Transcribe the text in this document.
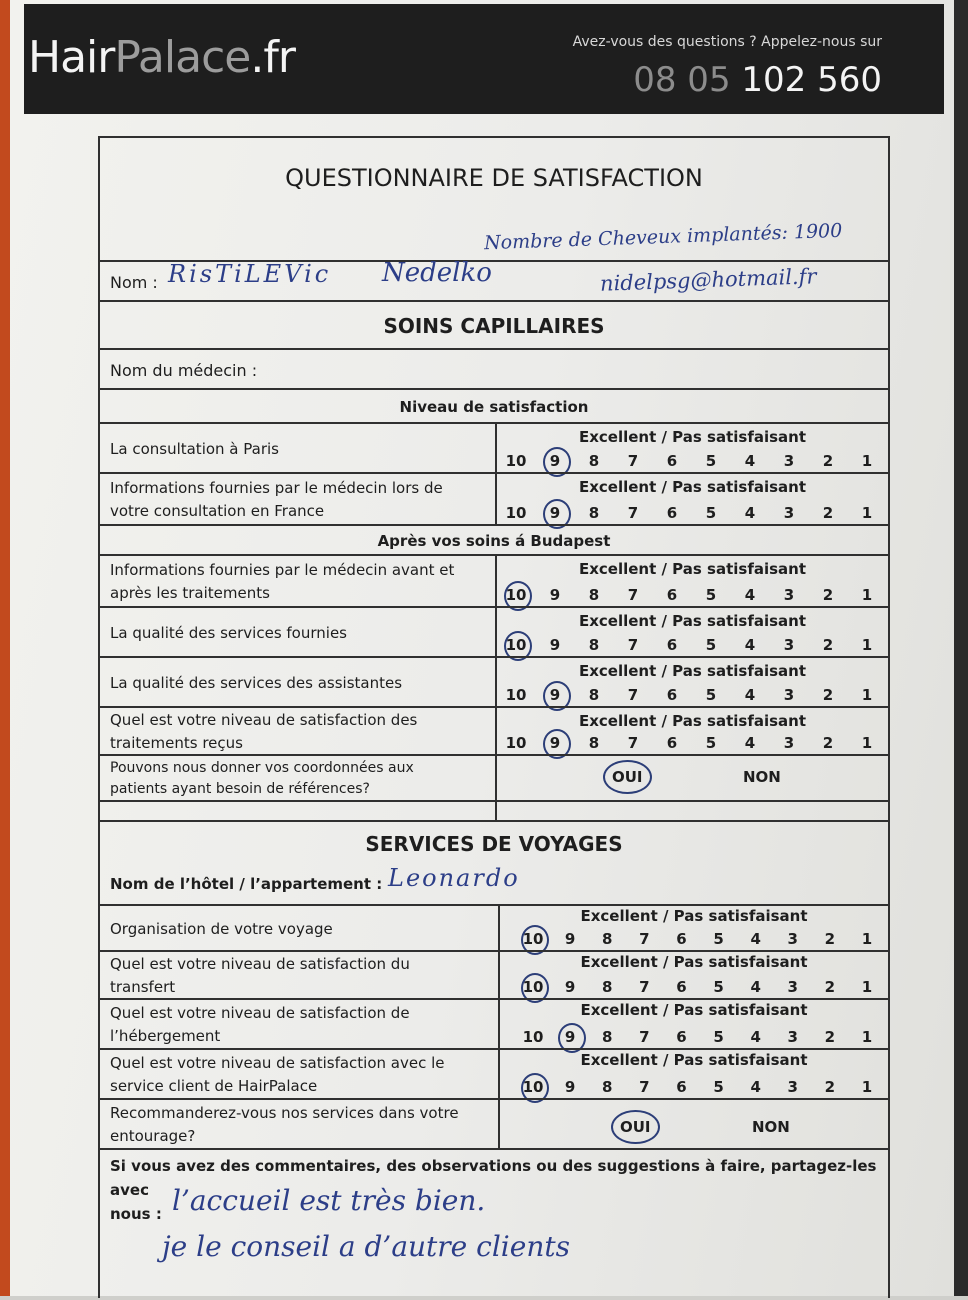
HairPalace.fr	Avez-vous des questions ? Appelez-nous sur
08 05 102 560
QUESTIONNAIRE DE SATISFACTION
Nombre de Cheveux implantés: 1900
Nom : RisTiLEVic Nedelko	nidelpsg@hotmail.fr
SOINS CAPILLAIRES
Nom du médecin :
Niveau de satisfaction
La consultation à Paris
Excellent / Pas satisfaisant
10	9	8	7	6	5	4	3	2	1
Informations fournies par le médecin lors de
votre consultation en France
Excellent / Pas satisfaisant
10	9	8	7	6	5	4	3	2	1
Après vos soins á Budapest
Informations fournies par le médecin avant et
après les traitements
Excellent / Pas satisfaisant
10	9	8	7	6	5	4	3	2	1
La qualité des services fournies
Excellent / Pas satisfaisant
10	9	8	7	6	5	4	3	2	1
La qualité des services des assistantes
Excellent / Pas satisfaisant
10	9	8	7	6	5	4	3	2	1
Quel est votre niveau de satisfaction des
traitements reçus
Excellent / Pas satisfaisant
10	9	8	7	6	5	4	3	2	1
Pouvons nous donner vos coordonnées aux
patients ayant besoin de références?
OUI	NON
SERVICES DE VOYAGES
Nom de l’hôtel / l’appartement : Leonardo
Organisation de votre voyage
Excellent / Pas satisfaisant
10	9	8	7	6	5	4	3	2	1
Quel est votre niveau de satisfaction du
transfert
Excellent / Pas satisfaisant
10	9	8	7	6	5	4	3	2	1
Quel est votre niveau de satisfaction de
l’hébergement
Excellent / Pas satisfaisant
10	9	8	7	6	5	4	3	2	1
Quel est votre niveau de satisfaction avec le
service client de HairPalace
Excellent / Pas satisfaisant
10	9	8	7	6	5	4	3	2	1
Recommanderez-vous nos services dans votre
entourage?	OUI	NON
Si vous avez des commentaires, des observations ou des suggestions à faire, partagez-les avec
nous : l’accueil est très bien.
je le conseil a d’autre clients
